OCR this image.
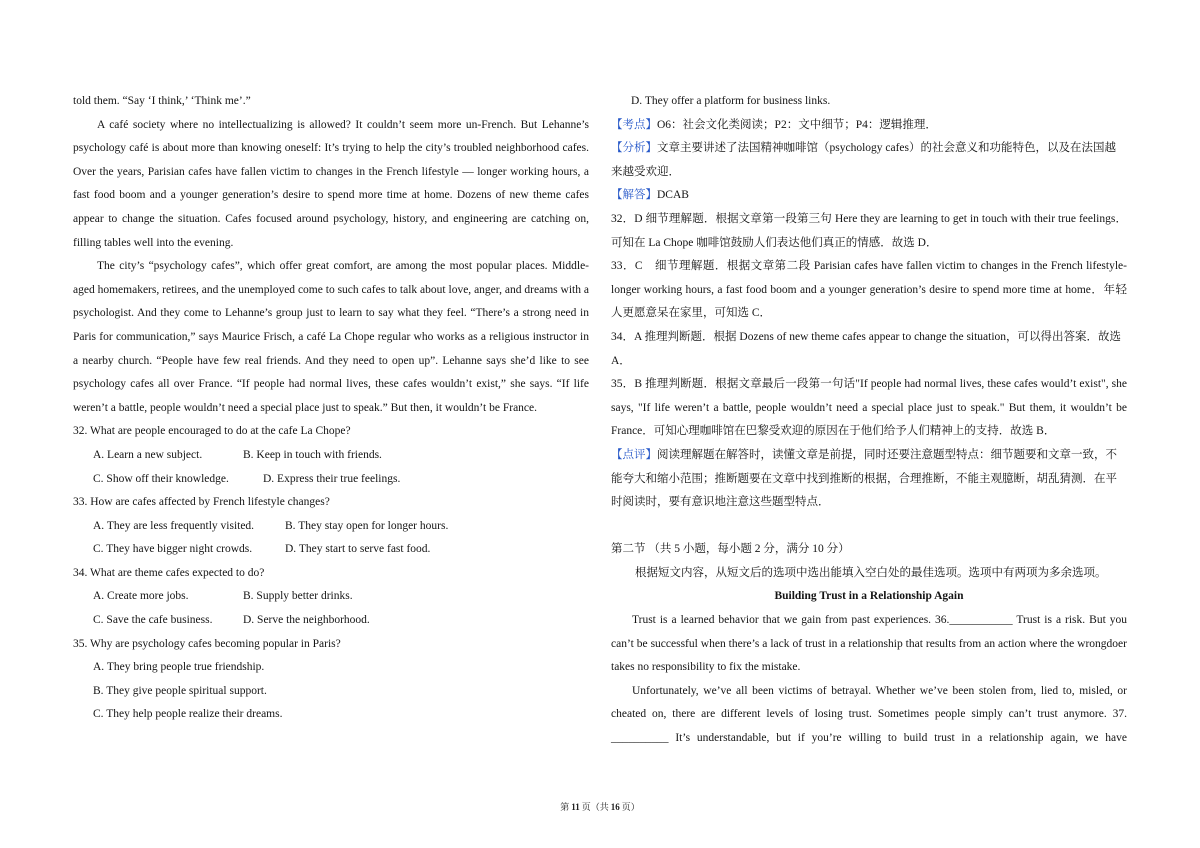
told them. “Say ‘I think,’ ‘Think me’.”

A café society where no intellectualizing is allowed? It couldn’t seem more un-French. But Lehanne’s psychology café is about more than knowing oneself: It’s trying to help the city’s troubled neighborhood cafes. Over the years, Parisian cafes have fallen victim to changes in the French lifestyle — longer working hours, a fast food boom and a younger generation’s desire to spend more time at home. Dozens of new theme cafes appear to change the situation. Cafes focused around psychology, history, and engineering are catching on, filling tables well into the evening.

The city’s “psychology cafes”, which offer great comfort, are among the most popular places. Middle-aged homemakers, retirees, and the unemployed come to such cafes to talk about love, anger, and dreams with a psychologist. And they come to Lehanne’s group just to learn to say what they feel. “There’s a strong need in Paris for communication,” says Maurice Frisch, a café La Chope regular who works as a religious instructor in a nearby church. “People have few real friends. And they need to open up”. Lehanne says she’d like to see psychology cafes all over France. “If people had normal lives, these cafes wouldn’t exist,” she says. “If life weren’t a battle, people wouldn’t need a special place just to speak.” But then, it wouldn’t be France.

32. What are people encouraged to do at the cafe La Chope?

A. Learn a new subject.	B. Keep in touch with friends.
C. Show off their knowledge.	D. Express their true feelings.

33. How are cafes affected by French lifestyle changes?

A. They are less frequently visited.	B. They stay open for longer hours.
C. They have bigger night crowds.	D. They start to serve fast food.

34. What are theme cafes expected to do?

A. Create more jobs.	B. Supply better drinks.
C. Save the cafe business.	D. Serve the neighborhood.

35. Why are psychology cafes becoming popular in Paris?

A. They bring people true friendship.
B. They give people spiritual support.
C. They help people realize their dreams.
D. They offer a platform for business links.

【考点】O6：社会文化类阅读；P2：文中细节；P4：逻辑推理．

【分析】文章主要讲述了法国精神咖啡馆（psychology cafes）的社会意义和功能特色，以及在法国越来越受欢迎．

【解答】DCAB

32．D 细节理解题．根据文章第一段第三句 Here they are learning to get in touch with their true feelings．可知在 La Chope 咖啡馆鼓励人们表达他们真正的情感．故选 D．

33．C　细节理解题．根据文章第二段 Parisian cafes have fallen victim to changes in the French lifestyle-longer working hours, a fast food boom and a younger generation’s desire to spend more time at home．年轻人更愿意呆在家里，可知选 C．

34．A 推理判断题．根据 Dozens of new theme cafes appear to change the situation，可以得出答案．故选 A．

35．B 推理判断题．根据文章最后一段第一句话"If people had normal lives, these cafes would’t exist", she says, "If life weren’t a battle, people wouldn’t need a special place just to speak." But them, it wouldn’t be France．可知心理咖啡馆在巴黎受欢迎的原因在于他们给予人们精神上的支持．故选 B．

【点评】阅读理解题在解答时，读懂文章是前提，同时还要注意题型特点：细节题要和文章一致，不能夸大和缩小范围；推断题要在文章中找到推断的根据，合理推断，不能主观臆断，胡乱猜测．在平时阅读时，要有意识地注意这些题型特点．

第二节 （共 5 小题，每小题 2 分，满分 10 分）

根据短文内容，从短文后的选项中选出能填入空白处的最佳选项。选项中有两项为多余选项。

Building Trust in a Relationship Again

Trust is a learned behavior that we gain from past experiences. 36.___________ Trust is a risk. But you can’t be successful when there’s a lack of trust in a relationship that results from an action where the wrongdoer takes no responsibility to fix the mistake.

Unfortunately, we’ve all been victims of betrayal. Whether we’ve been stolen from, lied to, misled, or cheated on, there are different levels of losing trust. Sometimes people simply can’t trust anymore. 37. __________ It’s understandable, but if you’re willing to build trust in a relationship again, we have

第 11 页（共 16 页）
